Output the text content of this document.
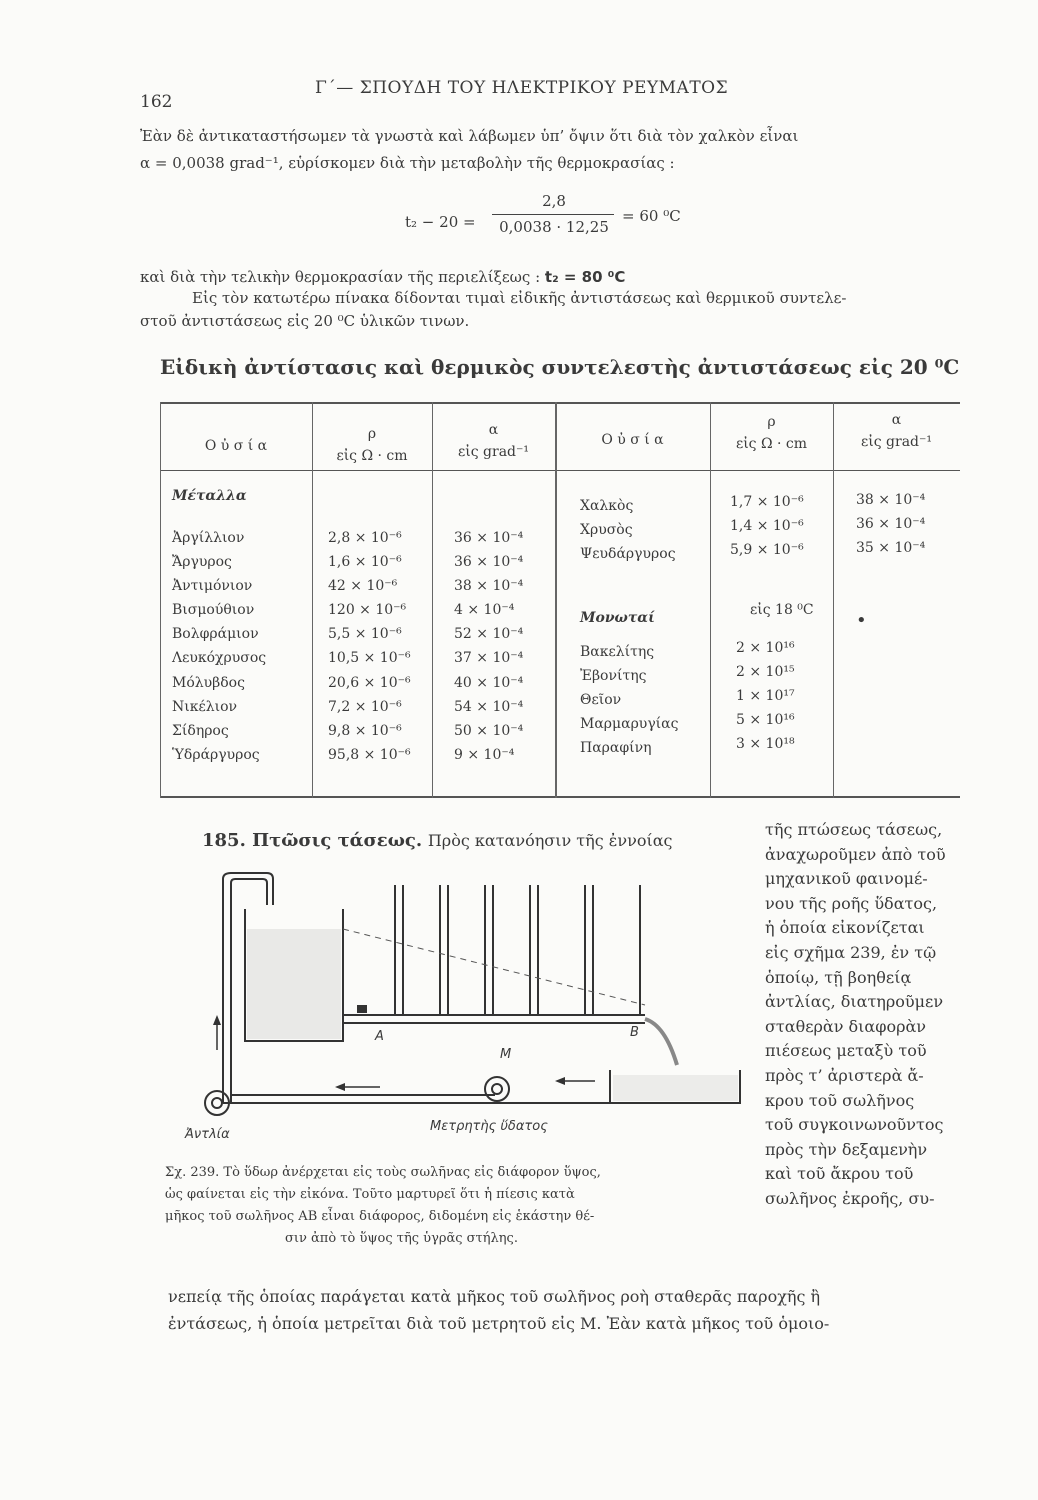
162
Γ΄— ΣΠΟΥΔΗ ΤΟΥ ΗΛΕΚΤΡΙΚΟΥ ΡΕΥΜΑΤΟΣ
Ἐὰν δὲ ἀντικαταστήσωμεν τὰ γνωστὰ καὶ λάβωμεν ὑπ’ ὄψιν ὅτι διὰ τὸν χαλκὸν εἶναι
α = 0,0038 grad⁻¹, εὑρίσκομεν διὰ τὴν μεταβολὴν τῆς θερμοκρασίας :
t₂ − 20 =
2,8
0,0038 · 12,25
= 60 ⁰C
καὶ διὰ τὴν τελικὴν θερμοκρασίαν τῆς περιελίξεως : t₂ = 80 ⁰C
Εἰς τὸν κατωτέρω πίνακα δίδονται τιμαὶ εἰδικῆς ἀντιστάσεως καὶ θερμικοῦ συντελε-
στοῦ ἀντιστάσεως εἰς 20 ⁰C ὑλικῶν τινων.
Εἰδικὴ ἀντίστασις καὶ θερμικὸς συντελεστὴς ἀντιστάσεως εἰς 20 ⁰C
Ο ὐ σ ί α
ρ
εἰς Ω · cm
α
εἰς grad⁻¹
Ο ὐ σ ί α
ρ
εἰς Ω · cm
α
εἰς grad⁻¹
Μέταλλα
Ἀργίλλιον
Ἄργυρος
Ἀντιμόνιον
Βισμούθιον
Βολφράμιον
Λευκόχρυσος
Μόλυβδος
Νικέλιον
Σίδηρος
Ὑδράργυρος
2,8 × 10⁻⁶
1,6 × 10⁻⁶
42 × 10⁻⁶
120 × 10⁻⁶
5,5 × 10⁻⁶
10,5 × 10⁻⁶
20,6 × 10⁻⁶
7,2 × 10⁻⁶
9,8 × 10⁻⁶
95,8 × 10⁻⁶
36 × 10⁻⁴
36 × 10⁻⁴
38 × 10⁻⁴
4 × 10⁻⁴
52 × 10⁻⁴
37 × 10⁻⁴
40 × 10⁻⁴
54 × 10⁻⁴
50 × 10⁻⁴
9 × 10⁻⁴
Χαλκὸς
Χρυσὸς
Ψευδάργυρος
1,7 × 10⁻⁶
1,4 × 10⁻⁶
5,9 × 10⁻⁶
38 × 10⁻⁴
36 × 10⁻⁴
35 × 10⁻⁴
Μονωταί	εἰς 18 ⁰C •
Βακελίτης
Ἐβονίτης
Θεῖον
Μαρμαρυγίας
Παραφίνη
2 × 10¹⁶
2 × 10¹⁵
1 × 10¹⁷
5 × 10¹⁶
3 × 10¹⁸
185. Πτῶσις τάσεως. Πρὸς κατανόησιν τῆς ἐννοίας
τῆς πτώσεως τάσεως,
ἀναχωροῦμεν ἀπὸ τοῦ
μηχανικοῦ φαινομέ-
νου τῆς ροῆς ὕδατος,
ἡ ὁποία εἰκονίζεται
εἰς σχῆμα 239, ἐν τῷ
ὁποίῳ, τῇ βοηθείᾳ
ἀντλίας, διατηροῦμεν
σταθερὰν διαφορὰν
πιέσεως μεταξὺ τοῦ
πρὸς τ’ ἀριστερὰ ἄ-
κρου τοῦ σωλῆνος
τοῦ συγκοινωνοῦντος
πρὸς τὴν δεξαμενὴν
καὶ τοῦ ἄκρου τοῦ
σωλῆνος ἐκροῆς, συ-
A	B
M
Ἀντλία
Μετρητὴς ὕδατος
Σχ. 239. Τὸ ὕδωρ ἀνέρχεται εἰς τοὺς σωλῆνας εἰς διάφορον ὕψος,
ὡς φαίνεται εἰς τὴν εἰκόνα. Τοῦτο μαρτυρεῖ ὅτι ἡ πίεσις κατὰ
μῆκος τοῦ σωλῆνος ΑΒ εἶναι διάφορος, διδομένη εἰς ἑκάστην θέ-
σιν ἀπὸ τὸ ὕψος τῆς ὑγρᾶς στήλης.
νεπείᾳ τῆς ὁποίας παράγεται κατὰ μῆκος τοῦ σωλῆνος ροὴ σταθερᾶς παροχῆς ἢ
ἐντάσεως, ἡ ὁποία μετρεῖται διὰ τοῦ μετρητοῦ εἰς Μ. Ἐὰν κατὰ μῆκος τοῦ ὁμοιο-
